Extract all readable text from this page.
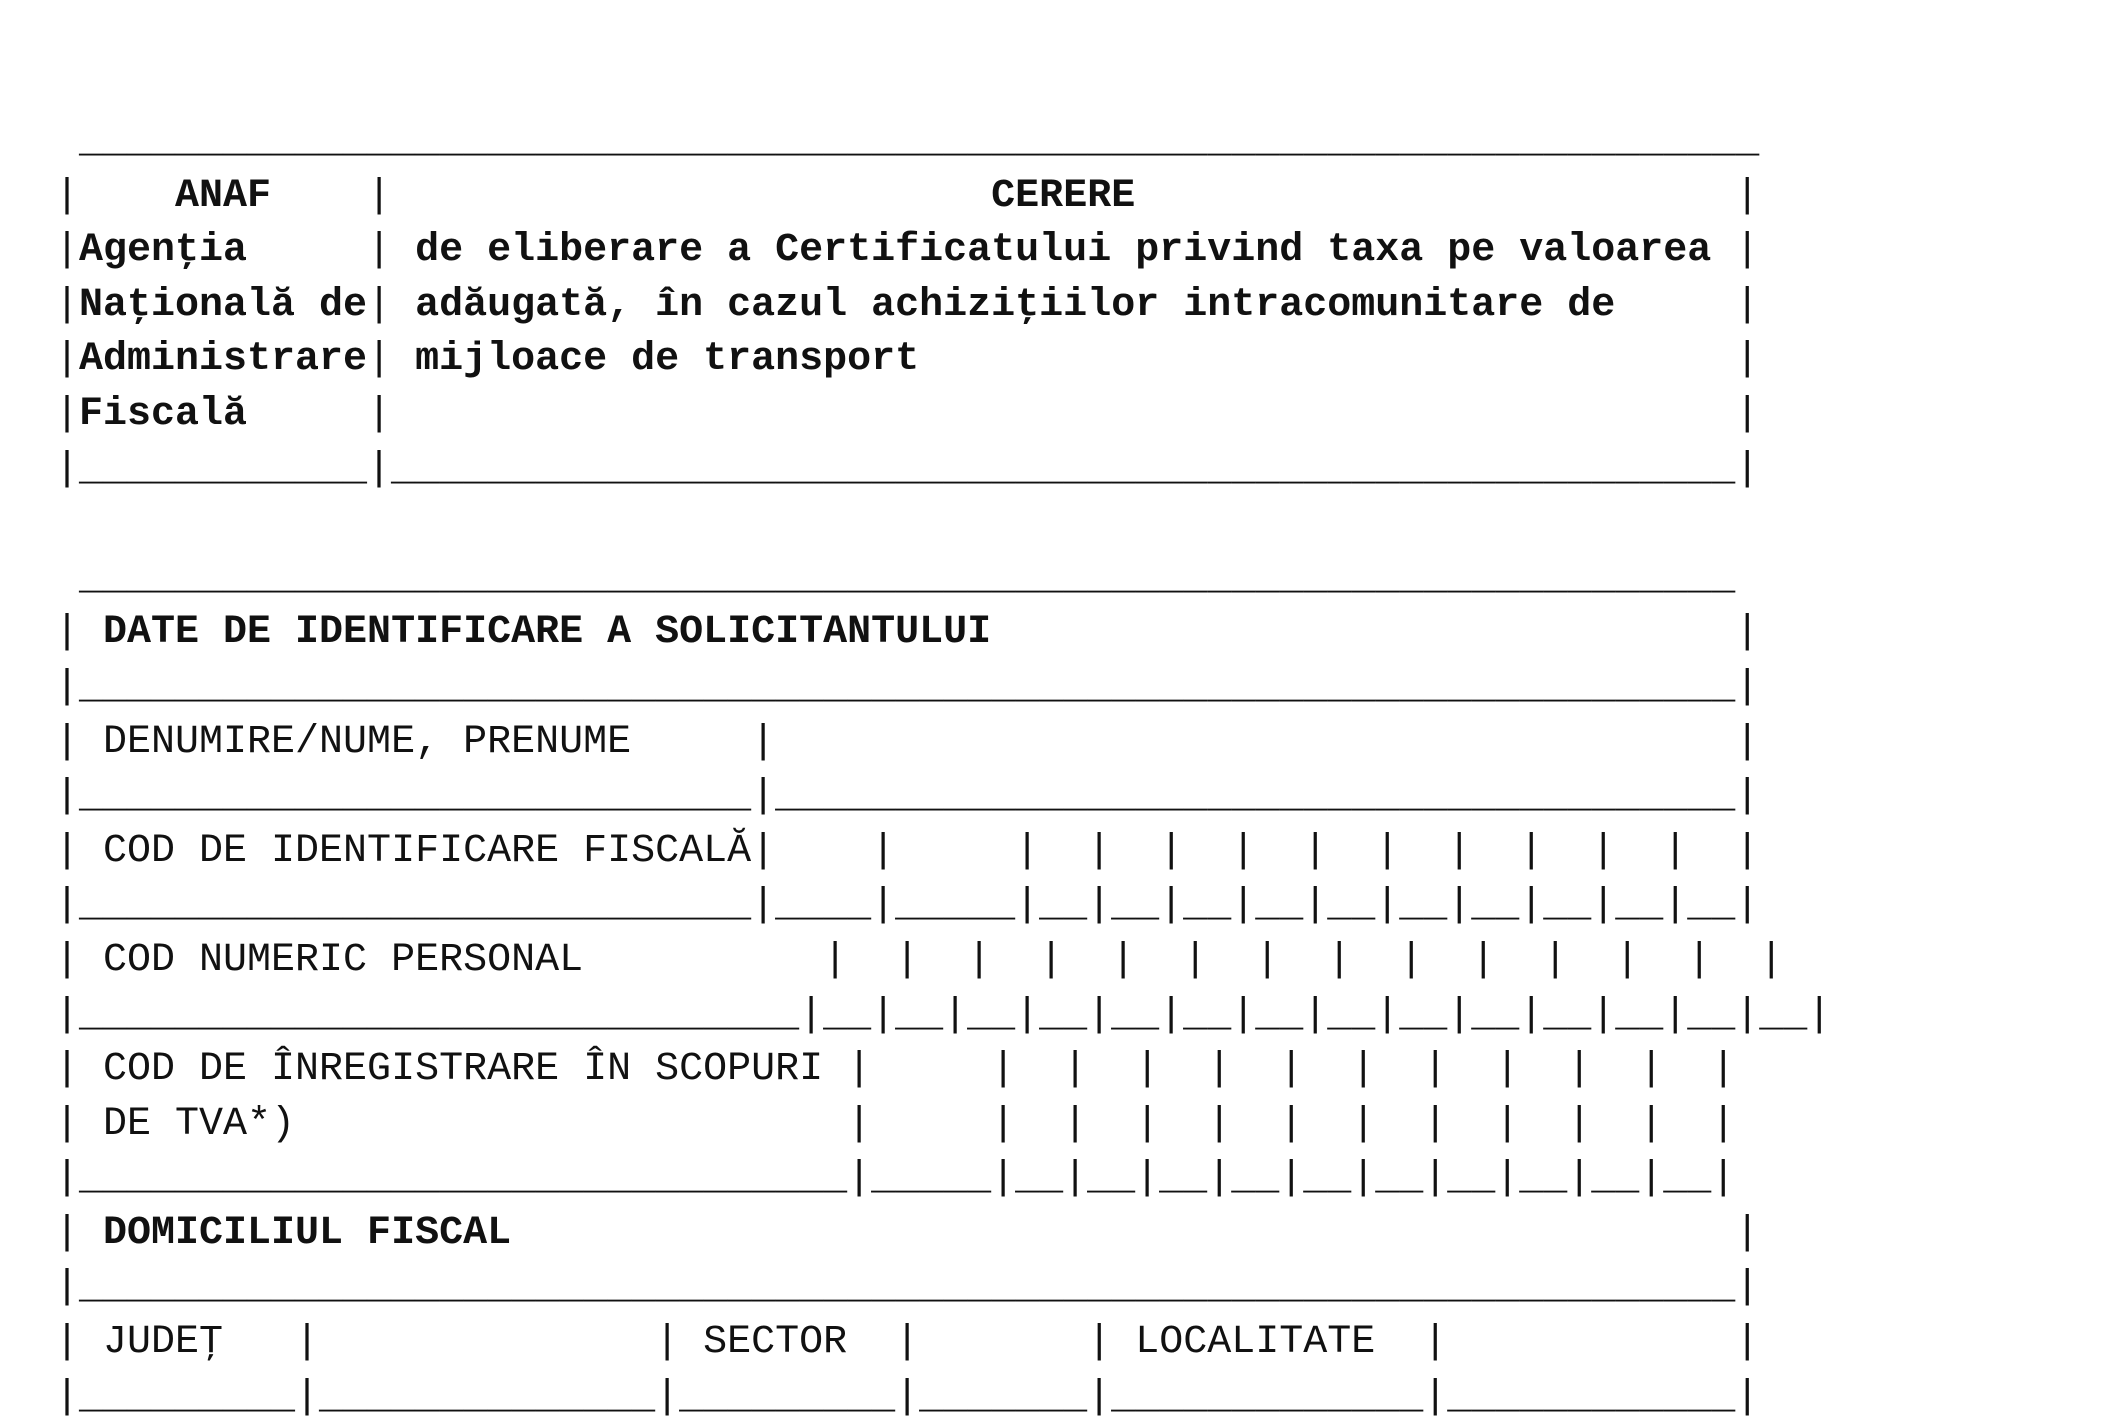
______________________________________________________________________
|    ANAF    |                         CERERE                         |
|Agenţia     | de eliberare a Certificatului privind taxa pe valoarea |
|Naţională de| adăugată, în cazul achiziţiilor intracomunitare de     |
|Administrare| mijloace de transport                                  |
|Fiscală     |                                                        |
|____________|________________________________________________________|
_____________________________________________________________________
| DATE DE IDENTIFICARE A SOLICITANTULUI                               |
|_____________________________________________________________________|
| DENUMIRE/NUME, PRENUME     |                                        |
|____________________________|________________________________________|
| COD DE IDENTIFICARE FISCALĂ|    |     |  |  |  |  |  |  |  |  |  |  |
|____________________________|____|_____|__|__|__|__|__|__|__|__|__|__|
| COD NUMERIC PERSONAL          |  |  |  |  |  |  |  |  |  |  |  |  |  |
|______________________________|__|__|__|__|__|__|__|__|__|__|__|__|__|__|
| COD DE ÎNREGISTRARE ÎN SCOPURI |     |  |  |  |  |  |  |  |  |  |  |
| DE TVA*)                       |     |  |  |  |  |  |  |  |  |  |  |
|________________________________|_____|__|__|__|__|__|__|__|__|__|__|
| DOMICILIUL FISCAL                                                   |
|_____________________________________________________________________|
| JUDEŢ   |              | SECTOR  |       | LOCALITATE  |            |
|_________|______________|_________|_______|_____________|____________|
